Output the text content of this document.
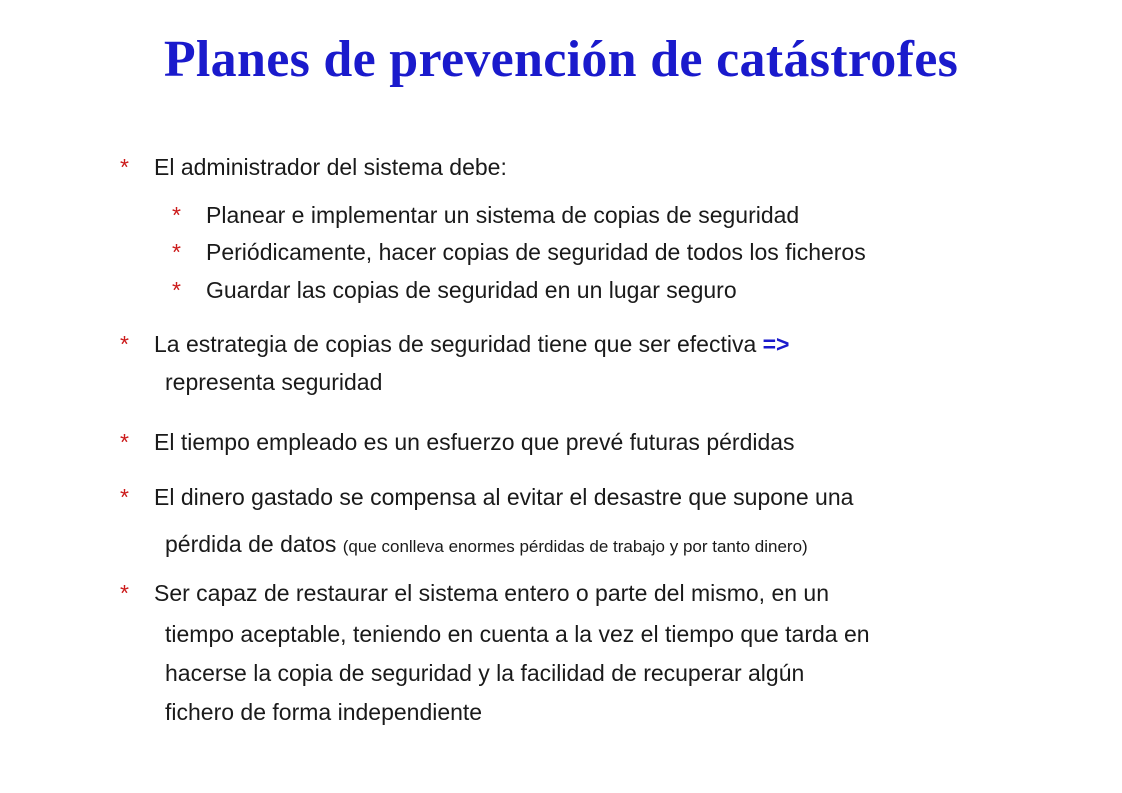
Planes de prevención de catástrofes
* El administrador del sistema debe:
* Planear e implementar un sistema de copias de seguridad
* Periódicamente, hacer copias de seguridad de todos los ficheros
* Guardar las copias de seguridad en un lugar seguro
* La estrategia de copias de seguridad tiene que ser efectiva =>
representa seguridad
* El tiempo empleado es un esfuerzo que prevé futuras pérdidas
* El dinero gastado se compensa al evitar el desastre que supone una
pérdida de datos (que conlleva enormes pérdidas de trabajo y por tanto dinero)
* Ser capaz de restaurar el sistema entero o parte del mismo, en un
tiempo aceptable, teniendo en cuenta a la vez el tiempo que tarda en
hacerse la copia de seguridad y la facilidad de recuperar algún
fichero de forma independiente
